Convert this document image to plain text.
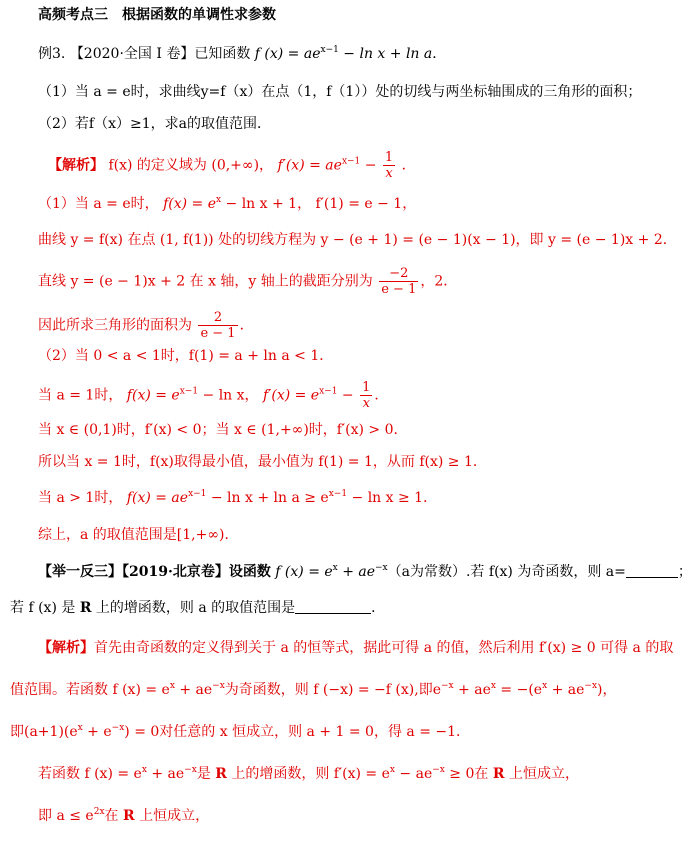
高频考点三　根据函数的单调性求参数
例3. 【2020·全国 I 卷】已知函数 f $(x) = ae^{x-1} - \ln x + \ln a$．
（1）当 a = e时，求曲线y=f（x）在点（1，f（1））处的切线与两坐标轴围成的三角形的面积；
（2）若f（x）≥1，求a的取值范围．
【解析】 f(x) 的定义域为 (0,+∞)， $f'(x) = ae^{x-1} - \frac{1}{x}$ ．
（1）当 a = e时， $f(x) = e^x - \ln x + 1$， f′(1) = e − 1，
曲线 y = f(x) 在点 (1, f(1)) 处的切线方程为 y − (e + 1) = (e − 1)(x − 1)，即 y = (e − 1)x + 2．
直线 y = (e − 1)x + 2 在 x 轴，y 轴上的截距分别为 $\frac{-2}{e - 1}$ ，2．
因此所求三角形的面积为 $\frac{2}{e - 1}$ ．
（2）当 0 < a < 1时，f(1) = a + ln a < 1．
当 a = 1时， $f(x) = e^{x-1} - \ln x$， $f'(x) = e^{x-1} - \frac{1}{x}$ ．
当 x ∈ (0,1)时，f′(x) < 0；当 x ∈ (1,+∞)时，f′(x) > 0．
所以当 x = 1时，f(x)取得最小值，最小值为 f(1) = 1，从而 f(x) ≥ 1．
当 a > 1时， $f(x) = ae^{x-1} - \ln x + \ln a \ge e^{x-1} - \ln x \ge 1$．
综上，a 的取值范围是[1,+∞)．
【举一反三】【2019·北京卷】设函数 f $(x) = e^x + ae^{-x}(a$为常数）.若 f(x) 为奇函数，则 a=	；
若 f (x) 是 R 上的增函数，则 a 的取值范围是	．
【解析】首先由奇函数的定义得到关于 a 的恒等式，据此可得 a 的值，然后利用 f′(x) ≥ 0 可得 a 的取
值范围。若函数 f $(x) = e^x + ae^{-x}$为奇函数，则 f (−x) = −f (x),即$e^{-x} + ae^x = -(e^x + ae^{-x})$，
即$(a+1)(e^x + e^{-x}) = 0$对任意的 x 恒成立，则 a + 1 = 0，得 a = −1．
若函数 f $(x) = e^x + ae^{-x}$是 R 上的增函数，则 $f'(x) = e^x - ae^{-x} \ge 0$在 R 上恒成立，
即 $a \le e^{2x}$在 R 上恒成立，
